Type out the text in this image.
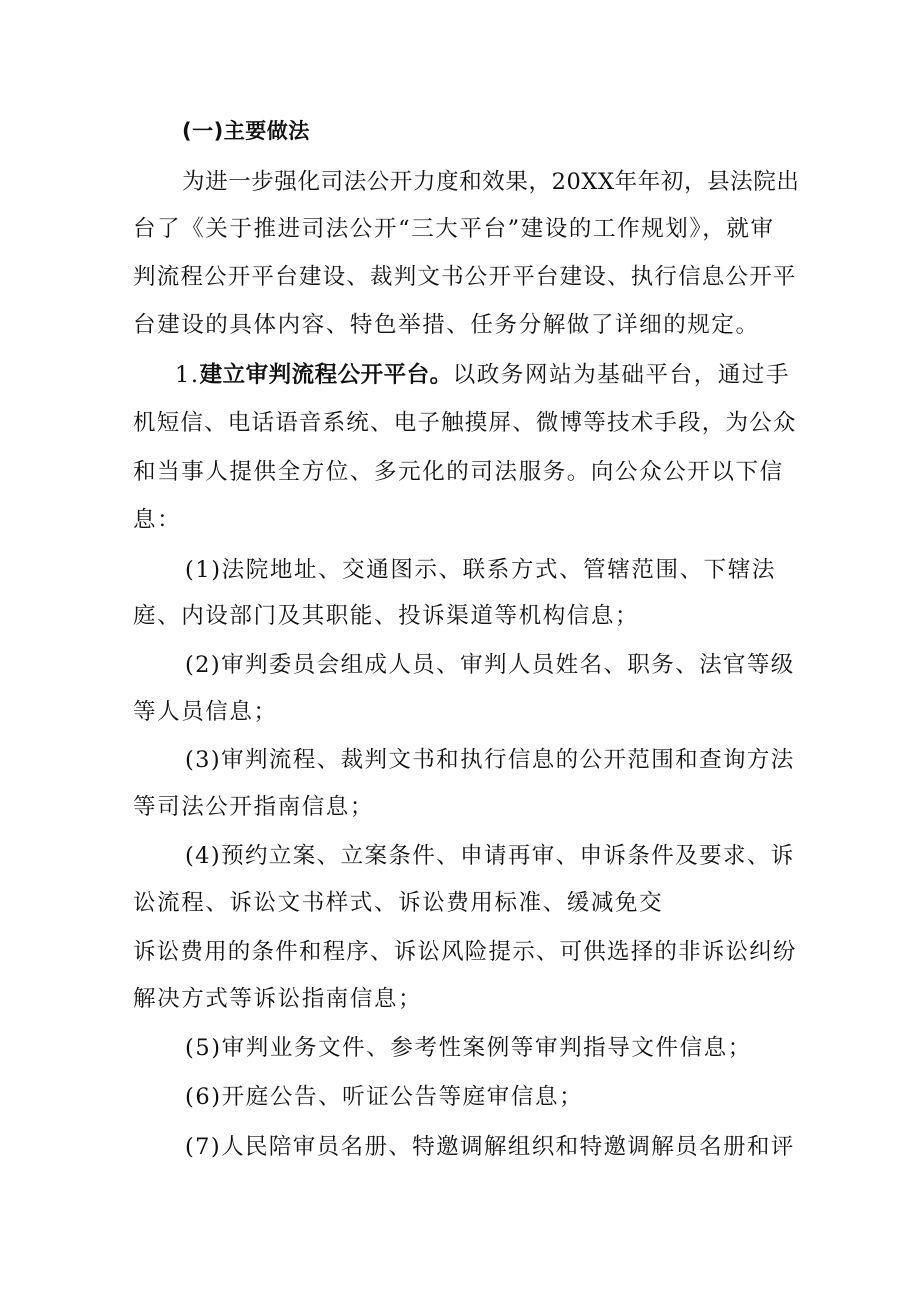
(一)主要做法
为进一步强化司法公开力度和效果，20XX年年初，县法院出
台了《关于推进司法公开“三大平台”建设的工作规划》，就审
判流程公开平台建设、裁判文书公开平台建设、执行信息公开平
台建设的具体内容、特色举措、任务分解做了详细的规定。
1.建立审判流程公开平台。以政务网站为基础平台，通过手
机短信、电话语音系统、电子触摸屏、微博等技术手段，为公众
和当事人提供全方位、多元化的司法服务。向公众公开以下信
息：
(1)法院地址、交通图示、联系方式、管辖范围、下辖法
庭、内设部门及其职能、投诉渠道等机构信息；
(2)审判委员会组成人员、审判人员姓名、职务、法官等级
等人员信息；
(3)审判流程、裁判文书和执行信息的公开范围和查询方法
等司法公开指南信息；
(4)预约立案、立案条件、申请再审、申诉条件及要求、诉
讼流程、诉讼文书样式、诉讼费用标准、缓减免交
诉讼费用的条件和程序、诉讼风险提示、可供选择的非诉讼纠纷
解决方式等诉讼指南信息；
(5)审判业务文件、参考性案例等审判指导文件信息；
(6)开庭公告、听证公告等庭审信息；
(7)人民陪审员名册、特邀调解组织和特邀调解员名册和评
